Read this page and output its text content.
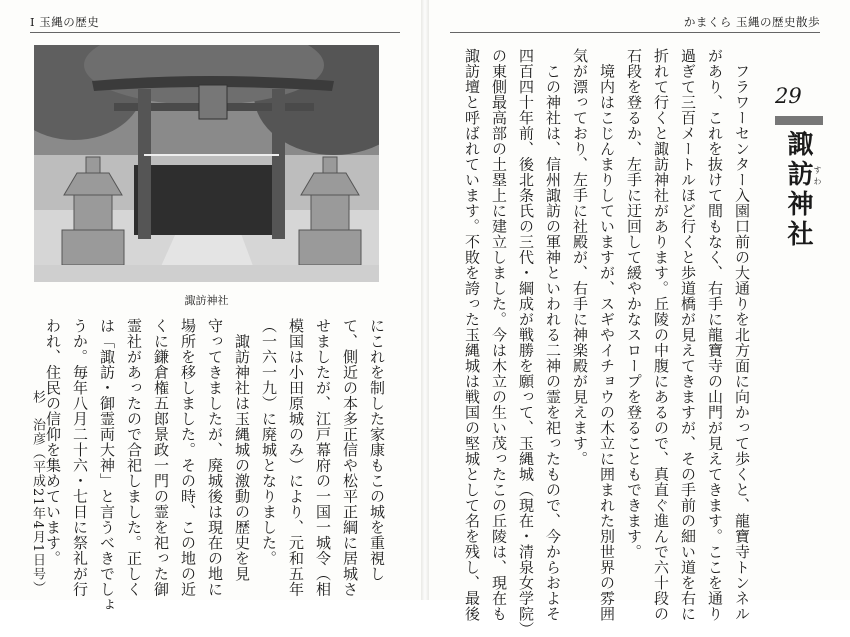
Ⅰ 玉縄の歴史	かまくら 玉縄の歴史散歩
諏訪神社

にこれを制した家康もこの城を重視し

て、側近の本多正信や松平正綱に居城さ

せましたが、江戸幕府の一国一城令（相

模国は小田原城のみ）により、元和五年

（一六一九）に廃城となりました。

　諏訪神社は玉縄城の激動の歴史を見

守ってきましたが、廃城後は現在の地に

場所を移しました。その時、この地の近

くに鎌倉権五郎景政一門の霊を祀った御

霊社があったので合祀しました。正しく

は「諏訪・御霊両大神」と言うべきでしょ

うか。毎年八月二十六・七日に祭礼が行

われ、住民の信仰を集めています。

杉　治彦（平成21年4月1日号）
29
諏訪神社 すわ

　フラワーセンター入園口前の大通りを北方面に向かって歩くと、龍寶寺トンネル

があり、これを抜けて間もなく、右手に龍寶寺の山門が見えてきます。ここを通り

過ぎて三百メートルほど行くと歩道橋が見えてきますが、その手前の細い道を右に

折れて行くと諏訪神社があります。丘陵の中腹にあるので、真直ぐ進んで六十段の

石段を登るか、左手に迂回して緩やかなスロープを登ることもできます。

　境内はこじんまりしていますが、スギやイチョウの木立に囲まれた別世界の雰囲

気が漂っており、左手に社殿が、右手に神楽殿が見えます。

　この神社は、信州諏訪の軍神といわれる二神の霊を祀ったもので、今からおよそ

四百四十年前、後北条氏の三代・綱成が戦勝を願って、玉縄城（現在・清泉女学院）

の東側最高部の土塁上に建立しました。今は木立の生い茂ったこの丘陵は、現在も

諏訪壇と呼ばれています。不敗を誇った玉縄城は戦国の堅城として名を残し、最後
